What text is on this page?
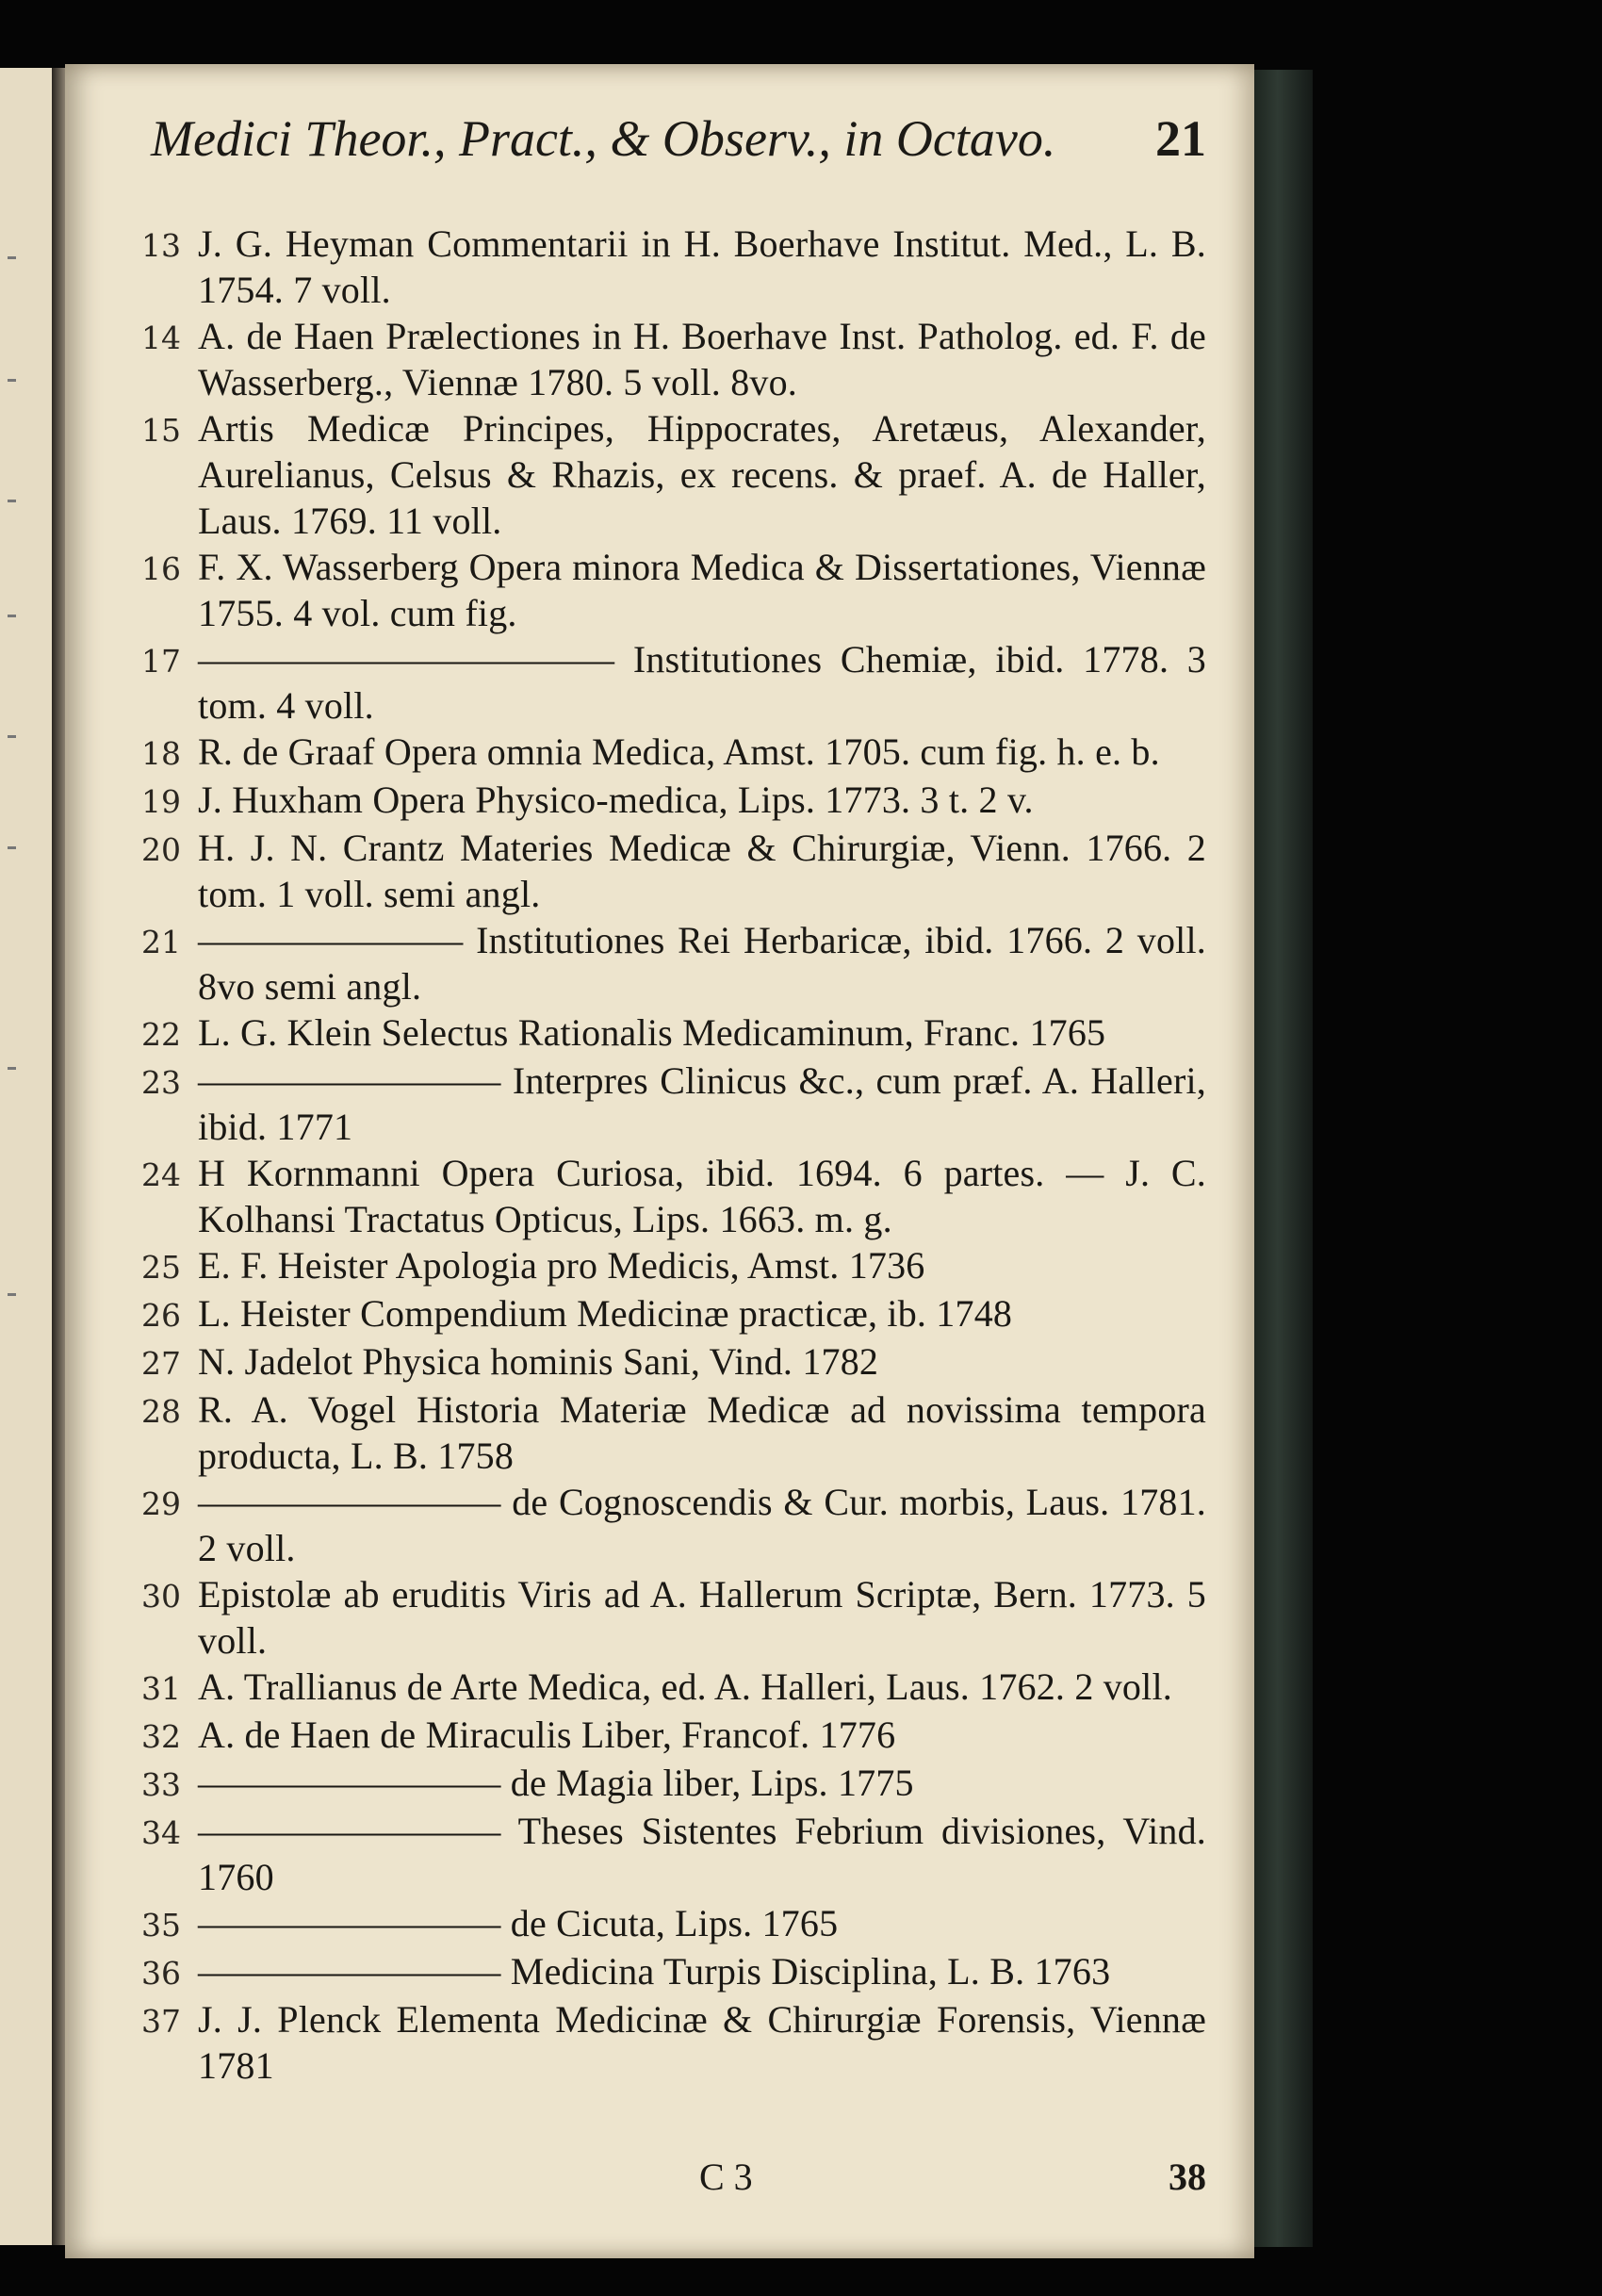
Medici Theor., Pract., & Observ., in Octavo. 21
13 J. G. Heyman Commentarii in H. Boerhave Institut. Med., L. B. 1754. 7 voll.
14 A. de Haen Prælectiones in H. Boerhave Inst. Patholog. ed. F. de Wasserberg., Viennæ 1780. 5 voll. 8vo.
15 Artis Medicæ Principes, Hippocrates, Aretæus, Alexander, Aurelianus, Celsus & Rhazis, ex recens. & praef. A. de Haller, Laus. 1769. 11 voll.
16 F. X. Wasserberg Opera minora Medica & Dissertationes, Viennæ 1755. 4 vol. cum fig.
17 ——————————— Institutiones Chemiæ, ibid. 1778. 3 tom. 4 voll.
18 R. de Graaf Opera omnia Medica, Amst. 1705. cum fig. h. e. b.
19 J. Huxham Opera Physico-medica, Lips. 1773. 3 t. 2 v.
20 H. J. N. Crantz Materies Medicæ & Chirurgiæ, Vienn. 1766. 2 tom. 1 voll. semi angl.
21 ——————— Institutiones Rei Herbaricæ, ibid. 1766. 2 voll. 8vo semi angl.
22 L. G. Klein Selectus Rationalis Medicaminum, Franc. 1765
23 ———————— Interpres Clinicus &c., cum præf. A. Halleri, ibid. 1771
24 H Kornmanni Opera Curiosa, ibid. 1694. 6 partes. — J. C. Kolhansi Tractatus Opticus, Lips. 1663. m. g.
25 E. F. Heister Apologia pro Medicis, Amst. 1736
26 L. Heister Compendium Medicinæ practicæ, ib. 1748
27 N. Jadelot Physica hominis Sani, Vind. 1782
28 R. A. Vogel Historia Materiæ Medicæ ad novissima tempora producta, L. B. 1758
29 ———————— de Cognoscendis & Cur. morbis, Laus. 1781. 2 voll.
30 Epistolæ ab eruditis Viris ad A. Hallerum Scriptæ, Bern. 1773. 5 voll.
31 A. Trallianus de Arte Medica, ed. A. Halleri, Laus. 1762. 2 voll.
32 A. de Haen de Miraculis Liber, Francof. 1776
33 ———————— de Magia liber, Lips. 1775
34 ———————— Theses Sistentes Febrium divisiones, Vind. 1760
35 ———————— de Cicuta, Lips. 1765
36 ———————— Medicina Turpis Disciplina, L. B. 1763
37 J. J. Plenck Elementa Medicinæ & Chirurgiæ Forensis, Viennæ 1781
C 3	38
